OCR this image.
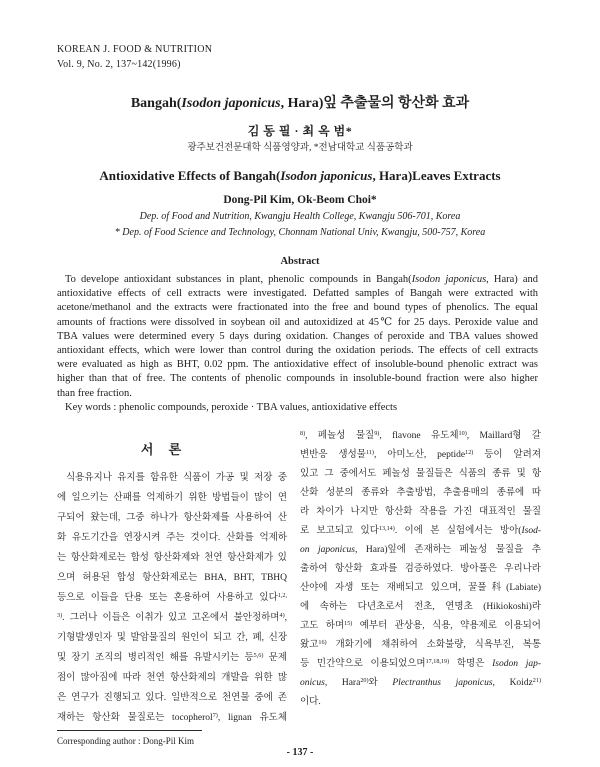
KOREAN J. FOOD & NUTRITION
Vol. 9, No. 2, 137~142(1996)
Bangah(Isodon japonicus, Hara)잎 추출물의 항산화 효과
김 동 필 · 최 옥 범*
광주보건전문대학 식품영양과, *전남대학교 식품공학과
Antioxidative Effects of Bangah(Isodon japonicus, Hara)Leaves Extracts
Dong-Pil Kim, Ok-Beom Choi*
Dep. of Food and Nutrition, Kwangju Health College, Kwangju 506-701, Korea
* Dep. of Food Science and Technology, Chonnam National Univ, Kwangju, 500-757, Korea
Abstract
To develope antioxidant substances in plant, phenolic compounds in Bangah(Isodon japonicus, Hara) and
antioxidative effects of cell extracts were investigated. Defatted samples of Bangah were extracted with
acetone/methanol and the extracts were fractionated into the free and bound types of phenolics. The equal
amounts of fractions were dissolved in soybean oil and autoxidized at 45℃ for 25 days. Peroxide value and
TBA values were determined every 5 days during oxidation. Changes of peroxide and TBA values showed
antioxidant effects, which were lower than control during the oxidation periods. The effects of cell extracts
were evaluated as high as BHT, 0.02 ppm. The antioxidative effect of insoluble-bound phenolic extract was
higher than that of free. The contents of phenolic compounds in insoluble-bound fraction were also higher
than free fraction.
Key words : phenolic compounds, peroxide · TBA values, antioxidative effects
서 론
식용유지나 유지를 함유한 식품이 가공 및 저장 중
에 일으키는 산패를 억제하기 위한 방법들이 많이 연
구되어 왔는데, 그중 하나가 항산화제를 사용하여 산
화 유도기간을 연장시켜 주는 것이다. 산화를 억제하
는 항산화제로는 합성 항산화제와 천연 항산화제가 있
으며 허용된 합성 항산화제로는 BHA, BHT, TBHQ
등으로 이들을 단용 또는 혼용하여 사용하고 있다$^{1,2,}$
$^{3)}$. 그러나 이들은 이취가 있고 고온에서 불안정하며$^{4)}$,
기형발생인자 및 발암물질의 원인이 되고 간, 폐, 신장
및 장기 조직의 병리적인 해를 유발시키는 등$^{5,6)}$ 문제
점이 많아짐에 따라 천연 항산화제의 개발을 위한 많
은 연구가 진행되고 있다. 일반적으로 천연물 중에 존
재하는 항산화 물질로는 tocopherol$^{7)}$, lignan 유도체
$^{8)}$, 페놀성 물질$^{9)}$, flavone 유도체$^{10)}$, Maillard형 갈
변반응 생성물$^{11)}$, 아미노산, peptide$^{12)}$ 등이 알려져
있고 그 중에서도 페놀성 물질들은 식품의 종류 및 항
산화 성분의 종류와 추출방법, 추출용매의 종류에 따
라 차이가 나지만 항산화 작용을 가진 대표적인 물질
로 보고되고 있다$^{13,14)}$. 이에 본 실험에서는 방아(Isod-
on japonicus, Hara)잎에 존재하는 페놀성 물질을 추
출하여 항산화 효과를 검증하였다. 방아풀은 우리나라
산야에 자생 또는 재배되고 있으며, 꿀풀科(Labiate)
에 속하는 다년초로서 전초, 연명초 (Hikiokoshi)라
고도 하며$^{15)}$ 예부터 관상용, 식용, 약용제로 이용되어
왔고$^{16)}$ 개화기에 채취하여 소화불량, 식욕부진, 복통
등 민간약으로 이용되었으며$^{17,18,19)}$ 학명은 Isodon jap-
onicus, Hara$^{20)}$와 Plectranthus japonicus, Koidz$^{21)}$
이다.
Corresponding author : Dong-Pil Kim
- 137 -
